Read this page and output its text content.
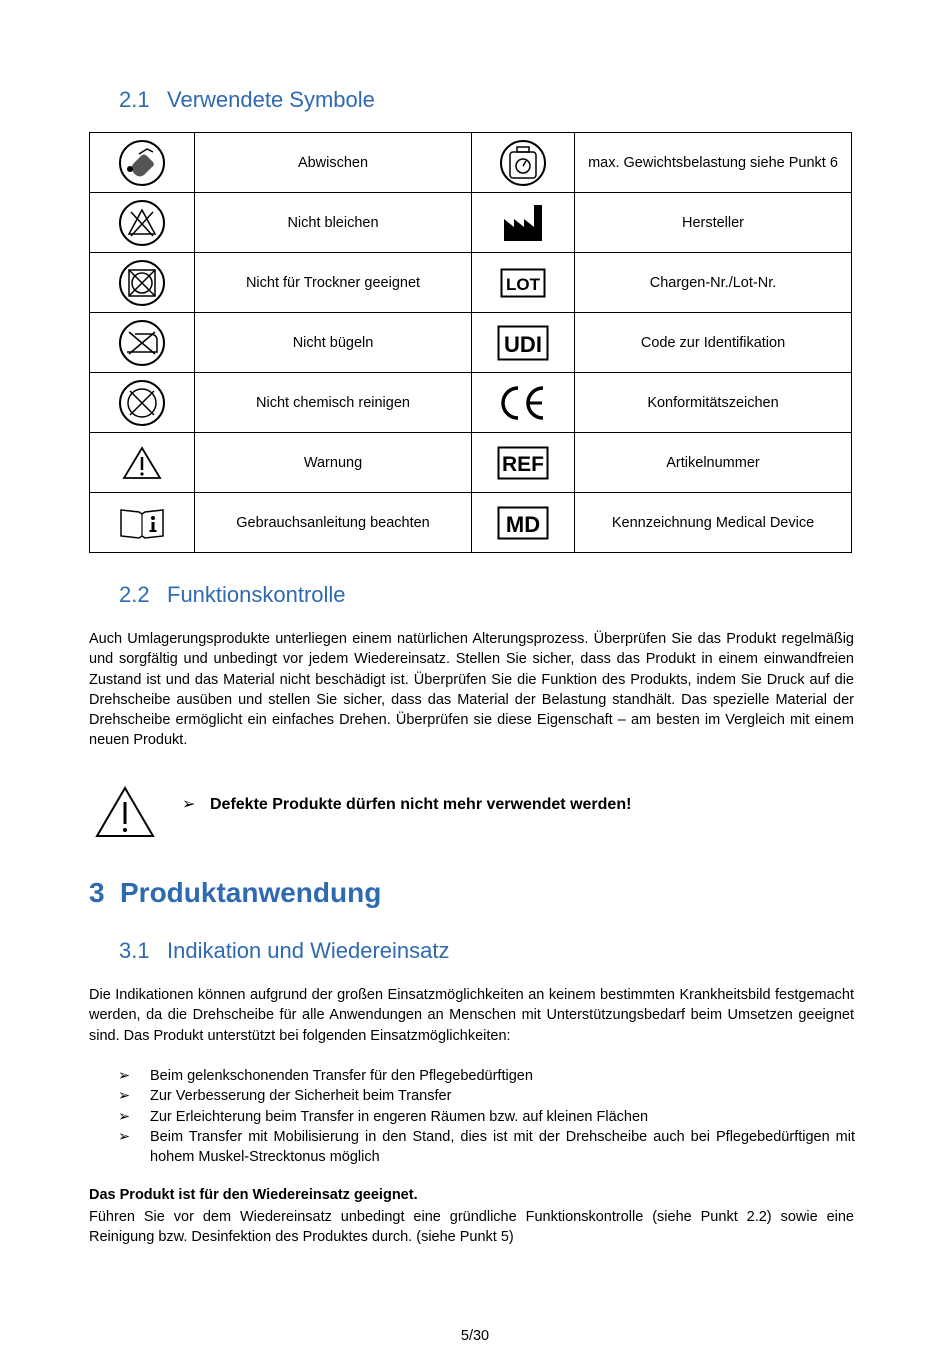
2.1 Verwendete Symbole
	Abwischen		max. Gewichtsbelastung siehe Punkt 6

	Nicht bleichen		Hersteller

	Nicht für Trockner geeignet	LOT	Chargen-Nr./Lot-Nr.

	Nicht bügeln	UDI	Code zur Identifikation

	Nicht chemisch reinigen		Konformitätszeichen

	Warnung	REF	Artikelnummer

	Gebrauchsanleitung beachten	MD	Kennzeichnung Medical Device
2.2 Funktionskontrolle

Auch Umlagerungsprodukte unterliegen einem natürlichen Alterungsprozess. Überprüfen Sie das Produkt regelmäßig und sorgfältig und unbedingt vor jedem Wiedereinsatz. Stellen Sie sicher, dass das Produkt in einem einwandfreien Zustand ist und das Material nicht beschädigt ist. Überprüfen Sie die Funktion des Produkts, indem Sie Druck auf die Drehscheibe ausüben und stellen Sie sicher, dass das Material der Belastung standhält. Das spezielle Material der Drehscheibe ermöglicht ein einfaches Drehen. Überprüfen sie diese Eigenschaft – am besten im Vergleich mit einem neuen Produkt.

➢ Defekte Produkte dürfen nicht mehr verwendet werden!
3 Produktanwendung
3.1 Indikation und Wiedereinsatz

Die Indikationen können aufgrund der großen Einsatzmöglichkeiten an keinem bestimmten Krankheitsbild festgemacht werden, da die Drehscheibe für alle Anwendungen an Menschen mit Unterstützungsbedarf beim Umsetzen geeignet sind. Das Produkt unterstützt bei folgenden Einsatzmöglichkeiten:

➢ Beim gelenkschonenden Transfer für den Pflegebedürftigen
➢ Zur Verbesserung der Sicherheit beim Transfer
➢ Zur Erleichterung beim Transfer in engeren Räumen bzw. auf kleinen Flächen
➢ Beim Transfer mit Mobilisierung in den Stand, dies ist mit der Drehscheibe auch bei Pflegebedürftigen mit hohem Muskel-Strecktonus möglich
Das Produkt ist für den Wiedereinsatz geeignet.

Führen Sie vor dem Wiedereinsatz unbedingt eine gründliche Funktionskontrolle (siehe Punkt 2.2) sowie eine Reinigung bzw. Desinfektion des Produktes durch. (siehe Punkt 5)

5/30
